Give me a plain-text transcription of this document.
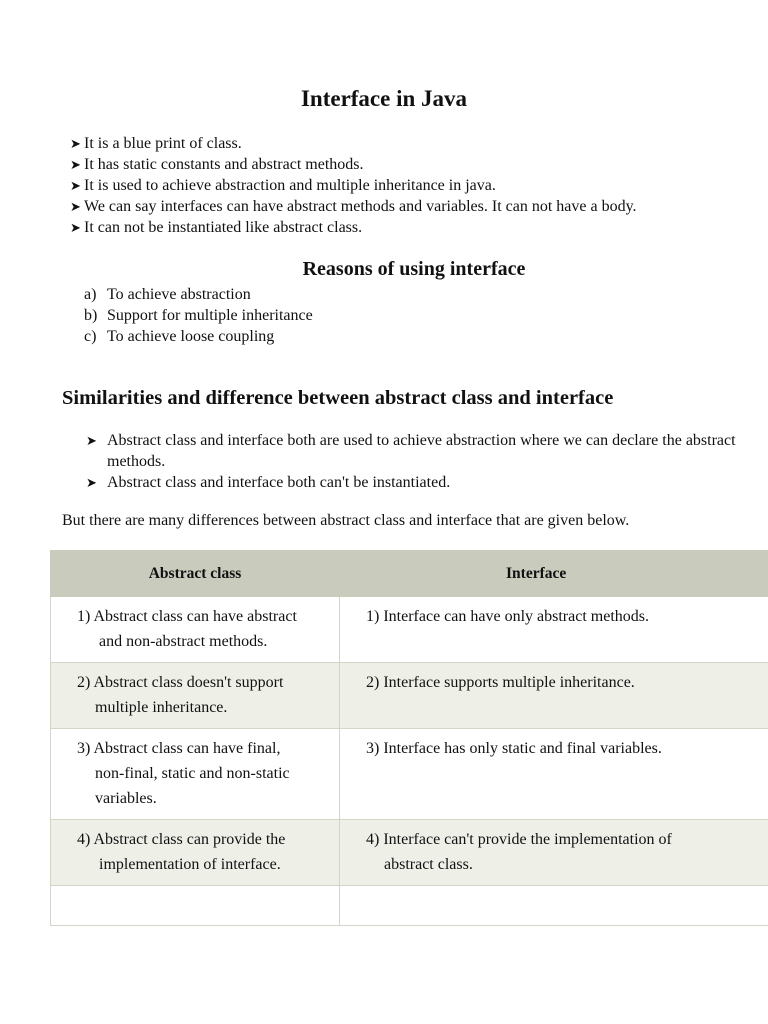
Interface in Java
➤ It is a blue print of class.
➤ It has static constants and abstract methods.
➤ It is used to achieve abstraction and multiple inheritance in java.
➤ We can say interfaces can have abstract methods and variables. It can not have a body.
➤ It can not be instantiated like abstract class.
Reasons of using interface
a) To achieve abstraction
b) Support for multiple inheritance
c) To achieve loose coupling
Similarities and difference between abstract class and interface
➤ Abstract class and interface both are used to achieve abstraction where we can declare the abstract methods.
➤ Abstract class and interface both can't be instantiated.

But there are many differences between abstract class and interface that are given below.

Abstract class	Interface
1) Abstract class can have abstract
and non-abstract methods.	1) Interface can have only abstract methods.
2) Abstract class doesn't support
multiple inheritance.	2) Interface supports multiple inheritance.
3) Abstract class can have final,
non-final, static and non-static
variables.	3) Interface has only static and final variables.
4) Abstract class can provide the
implementation of interface.	4) Interface can't provide the implementation of
abstract class.
